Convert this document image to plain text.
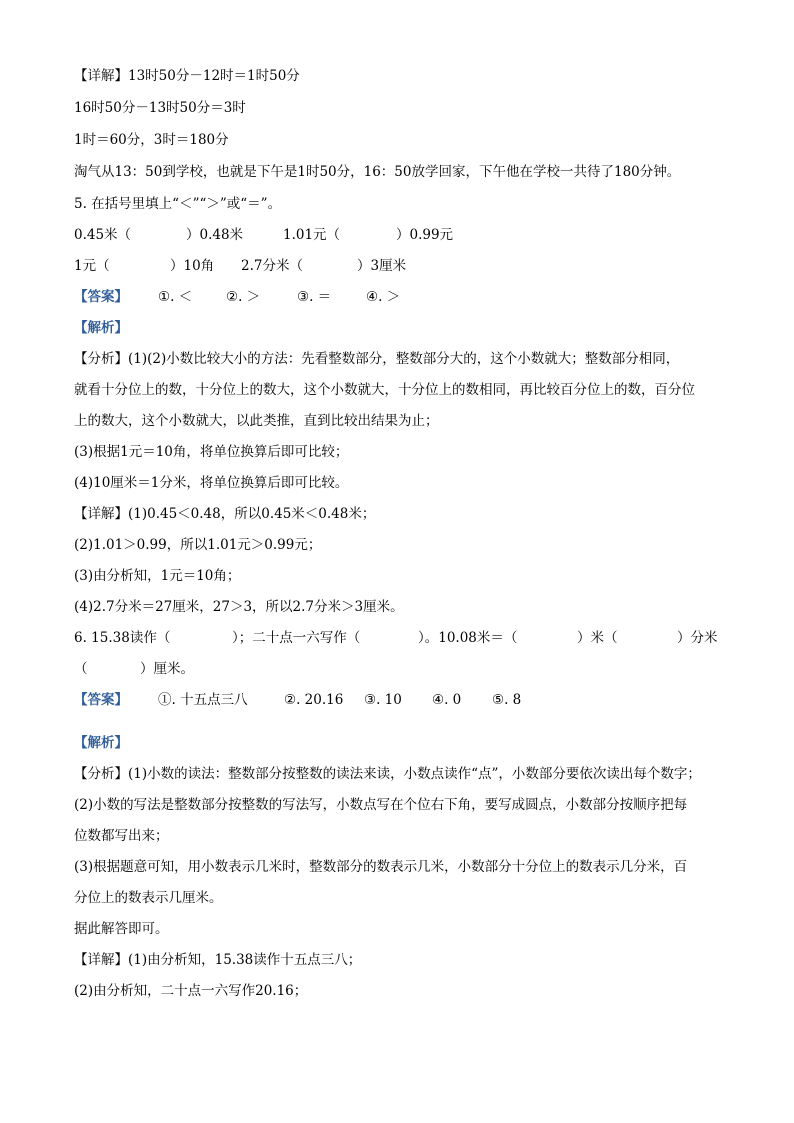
【详解】13时50分－12时＝1时50分
16时50分－13时50分＝3时
1时＝60分，3时＝180分
淘气从13：50到学校，也就是下午是1时50分，16：50放学回家，下午他在学校一共待了180分钟。
5. 在括号里填上“＜”“＞”或“＝”。
0.45米（	）0.48米	1.01元（	）0.99元
1元（	）10角 2.7分米（	）3厘米
【答案】 ①. ＜	②. ＞	③. ＝	④. ＞
【解析】
【分析】(1)(2)小数比较大小的方法：先看整数部分，整数部分大的，这个小数就大；整数部分相同，
就看十分位上的数，十分位上的数大，这个小数就大，十分位上的数相同，再比较百分位上的数，百分位
上的数大，这个小数就大，以此类推，直到比较出结果为止；
(3)根据1元＝10角，将单位换算后即可比较；
(4)10厘米＝1分米，将单位换算后即可比较。
【详解】(1)0.45＜0.48，所以0.45米＜0.48米；
(2)1.01＞0.99，所以1.01元＞0.99元；
(3)由分析知，1元＝10角；
(4)2.7分米＝27厘米，27＞3，所以2.7分米＞3厘米。
6. 15.38读作（	）；二十点一六写作（	）。10.08米＝（	）米（	）分米
（	）厘米。
【答案】 ①. 十五点三八	②. 20.16 ③. 10 ④. 0 ⑤. 8
【解析】
【分析】(1)小数的读法：整数部分按整数的读法来读，小数点读作“点”，小数部分要依次读出每个数字；
(2)小数的写法是整数部分按整数的写法写，小数点写在个位右下角，要写成圆点，小数部分按顺序把每
位数都写出来；
(3)根据题意可知，用小数表示几米时，整数部分的数表示几米，小数部分十分位上的数表示几分米，百
分位上的数表示几厘米。
据此解答即可。
【详解】(1)由分析知，15.38读作十五点三八；
(2)由分析知，二十点一六写作20.16；
